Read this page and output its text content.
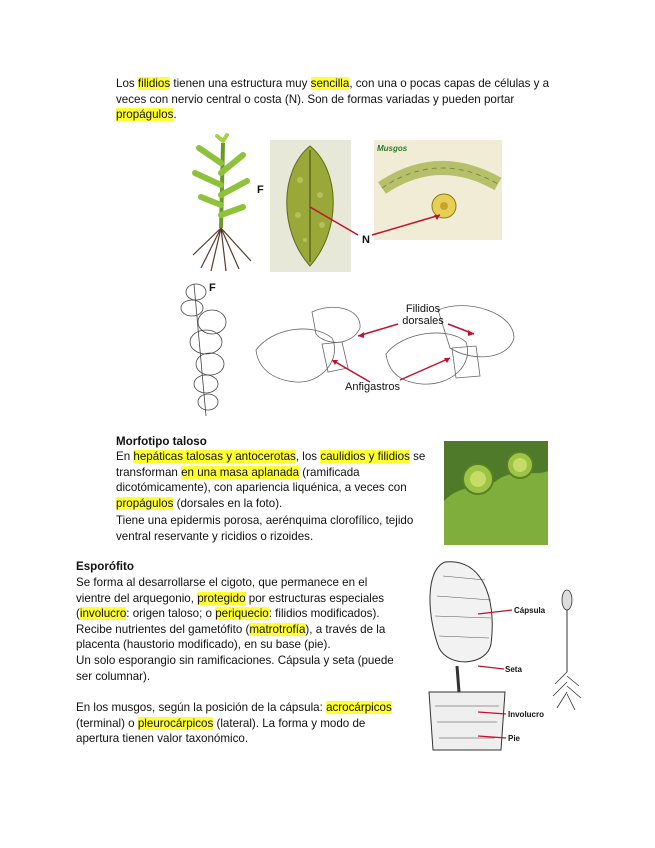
Los filidios tienen una estructura muy sencilla, con una o pocas capas de células y a veces con nervio central o costa (N). Son de formas variadas y pueden portar propágulos.
F
Musgos
N
F
Filidios
dorsales
Anfigastros
Morfotipo taloso
En hepáticas talosas y antocerotas, los caulidios y filidios se transforman en una masa aplanada (ramificada dicotómicamente), con apariencia liquénica, a veces con propágulos (dorsales en la foto).
Tiene una epidermis porosa, aerénquima clorofílico, tejido ventral reservante y ricidios o rizoides.
Esporófito
Se forma al desarrollarse el cigoto, que permanece en el vientre del arquegonio, protegido por estructuras especiales (involucro: origen taloso; o periquecio: filidios modificados). Recibe nutrientes del gametófito (matrotrofía), a través de la placenta (haustorio modificado), en su base (pie).
Un solo esporangio sin ramificaciones. Cápsula y seta (puede ser columnar).
En los musgos, según la posición de la cápsula: acrocárpicos (terminal) o pleurocárpicos (lateral). La forma y modo de apertura tienen valor taxonómico.
Cápsula
Seta
Involucro
Pie
